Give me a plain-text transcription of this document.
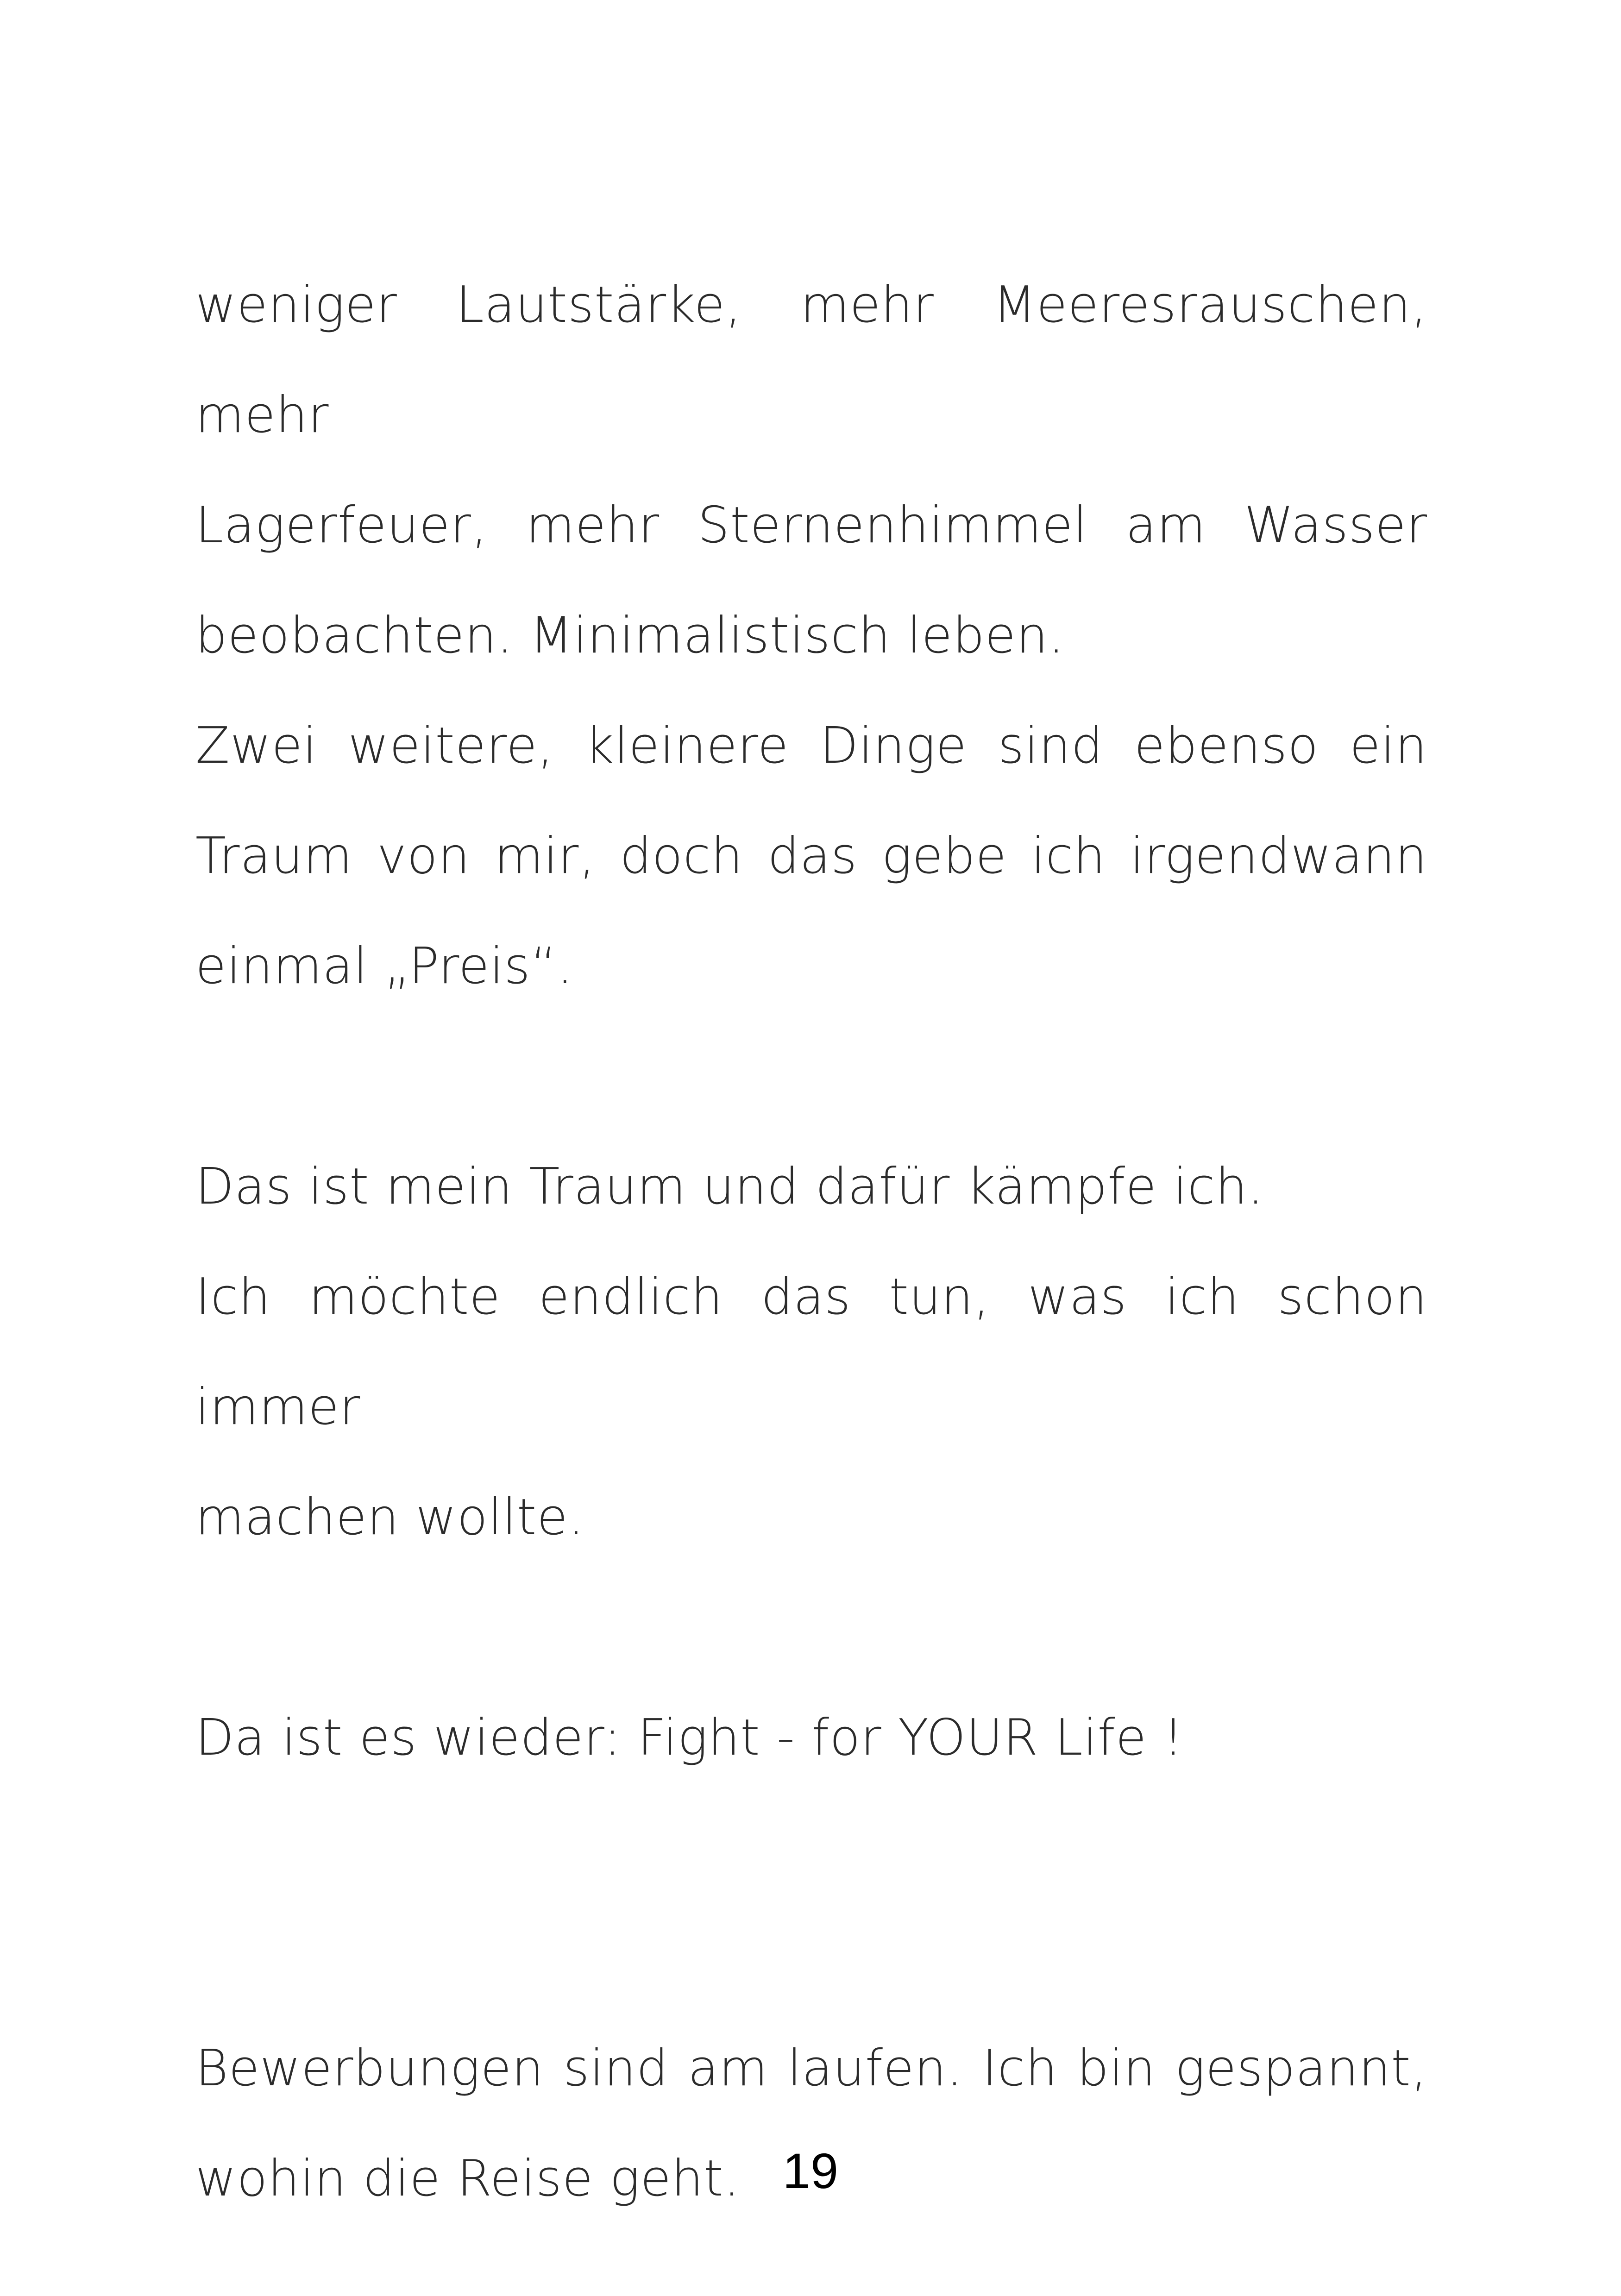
weniger Lautstärke, mehr Meeresrauschen, mehr
Lagerfeuer, mehr Sternenhimmel am Wasser
beobachten. Minimalistisch leben.

Zwei weitere, kleinere Dinge sind ebenso ein
Traum von mir, doch das gebe ich irgendwann
einmal „Preis“.

Das ist mein Traum und dafür kämpfe ich.

Ich möchte endlich das tun, was ich schon immer
machen wollte.

Da ist es wieder: Fight - for YOUR Life !

Bewerbungen sind am laufen. Ich bin gespannt,
wohin die Reise geht. 19
